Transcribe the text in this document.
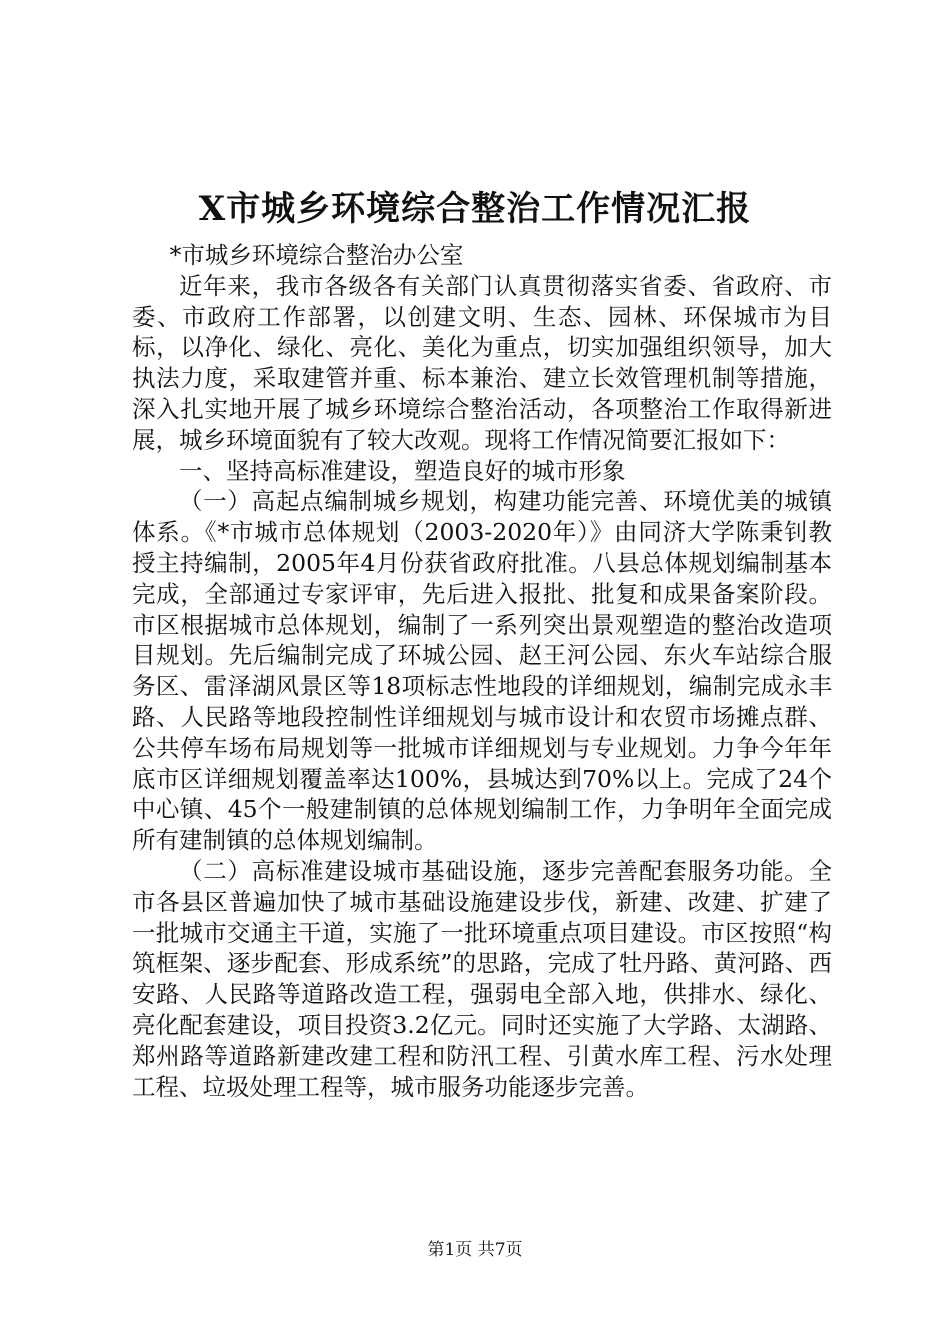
X市城乡环境综合整治工作情况汇报

*市城乡环境综合整治办公室

近年来，我市各级各有关部门认真贯彻落实省委、省政府、市委、市政府工作部署，以创建文明、生态、园林、环保城市为目标，以净化、绿化、亮化、美化为重点，切实加强组织领导，加大执法力度，采取建管并重、标本兼治、建立长效管理机制等措施，深入扎实地开展了城乡环境综合整治活动，各项整治工作取得新进展，城乡环境面貌有了较大改观。现将工作情况简要汇报如下：

一、坚持高标准建设，塑造良好的城市形象

（一）高起点编制城乡规划，构建功能完善、环境优美的城镇体系。《*市城市总体规划（2003-2020年）》由同济大学陈秉钊教授主持编制，2005年4月份获省政府批准。八县总体规划编制基本完成，全部通过专家评审，先后进入报批、批复和成果备案阶段。市区根据城市总体规划，编制了一系列突出景观塑造的整治改造项目规划。先后编制完成了环城公园、赵王河公园、东火车站综合服务区、雷泽湖风景区等18项标志性地段的详细规划，编制完成永丰路、人民路等地段控制性详细规划与城市设计和农贸市场摊点群、公共停车场布局规划等一批城市详细规划与专业规划。力争今年年底市区详细规划覆盖率达100%，县城达到70%以上。完成了24个中心镇、45个一般建制镇的总体规划编制工作，力争明年全面完成所有建制镇的总体规划编制。

（二）高标准建设城市基础设施，逐步完善配套服务功能。全市各县区普遍加快了城市基础设施建设步伐，新建、改建、扩建了一批城市交通主干道，实施了一批环境重点项目建设。市区按照“构筑框架、逐步配套、形成系统”的思路，完成了牡丹路、黄河路、西安路、人民路等道路改造工程，强弱电全部入地，供排水、绿化、亮化配套建设，项目投资3.2亿元。同时还实施了大学路、太湖路、郑州路等道路新建改建工程和防汛工程、引黄水库工程、污水处理工程、垃圾处理工程等，城市服务功能逐步完善。

第1页 共7页
